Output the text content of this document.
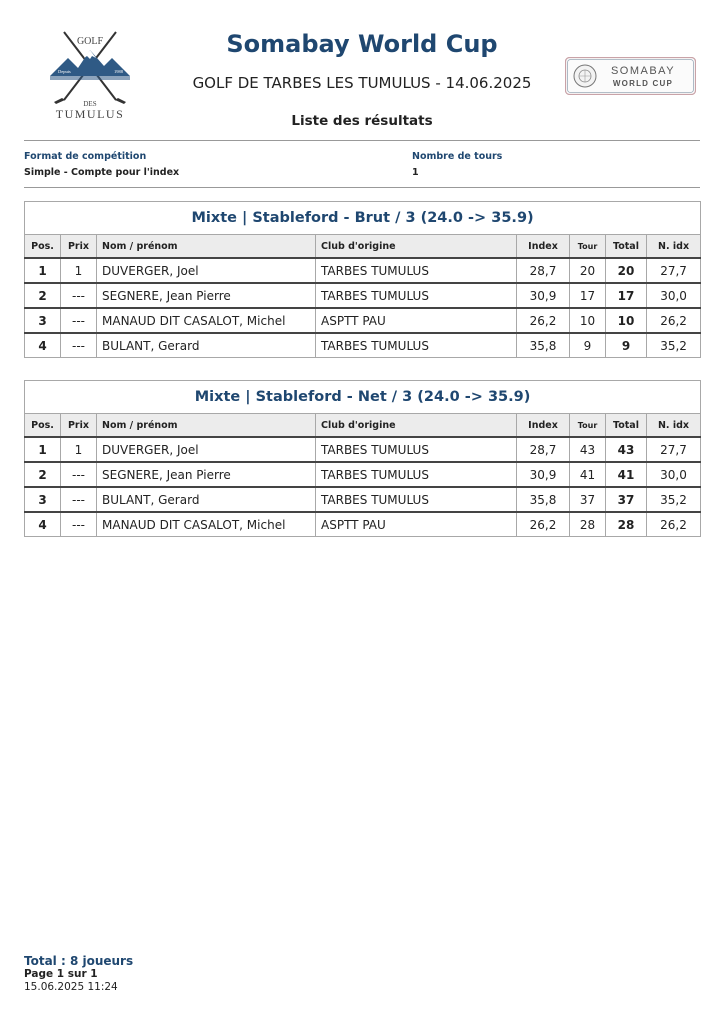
GOLF
Depuis	1988
DES
TUMULUS
Somabay World Cup
GOLF DE TARBES LES TUMULUS - 14.06.2025
SOMABAY
WORLD CUP
Liste des résultats
Format de compétition
Simple - Compte pour l'index
Nombre de tours
1
Mixte | Stableford - Brut / 3 (24.0 -> 35.9)							
Pos.	Prix	Nom / prénom	Club d'origine	Index	Tour	Total	N. idx
1	1	DUVERGER, Joel	TARBES TUMULUS	28,7	20	20	27,7
2	---	SEGNERE, Jean Pierre	TARBES TUMULUS	30,9	17	17	30,0
3	---	MANAUD DIT CASALOT, Michel	ASPTT PAU	26,2	10	10	26,2
4	---	BULANT, Gerard	TARBES TUMULUS	35,8	9	9	35,2
Mixte | Stableford - Net / 3 (24.0 -> 35.9)							
Pos.	Prix	Nom / prénom	Club d'origine	Index	Tour	Total	N. idx
1	1	DUVERGER, Joel	TARBES TUMULUS	28,7	43	43	27,7
2	---	SEGNERE, Jean Pierre	TARBES TUMULUS	30,9	41	41	30,0
3	---	BULANT, Gerard	TARBES TUMULUS	35,8	37	37	35,2
4	---	MANAUD DIT CASALOT, Michel	ASPTT PAU	26,2	28	28	26,2
Total : 8 joueurs
Page 1 sur 1
15.06.2025 11:24
